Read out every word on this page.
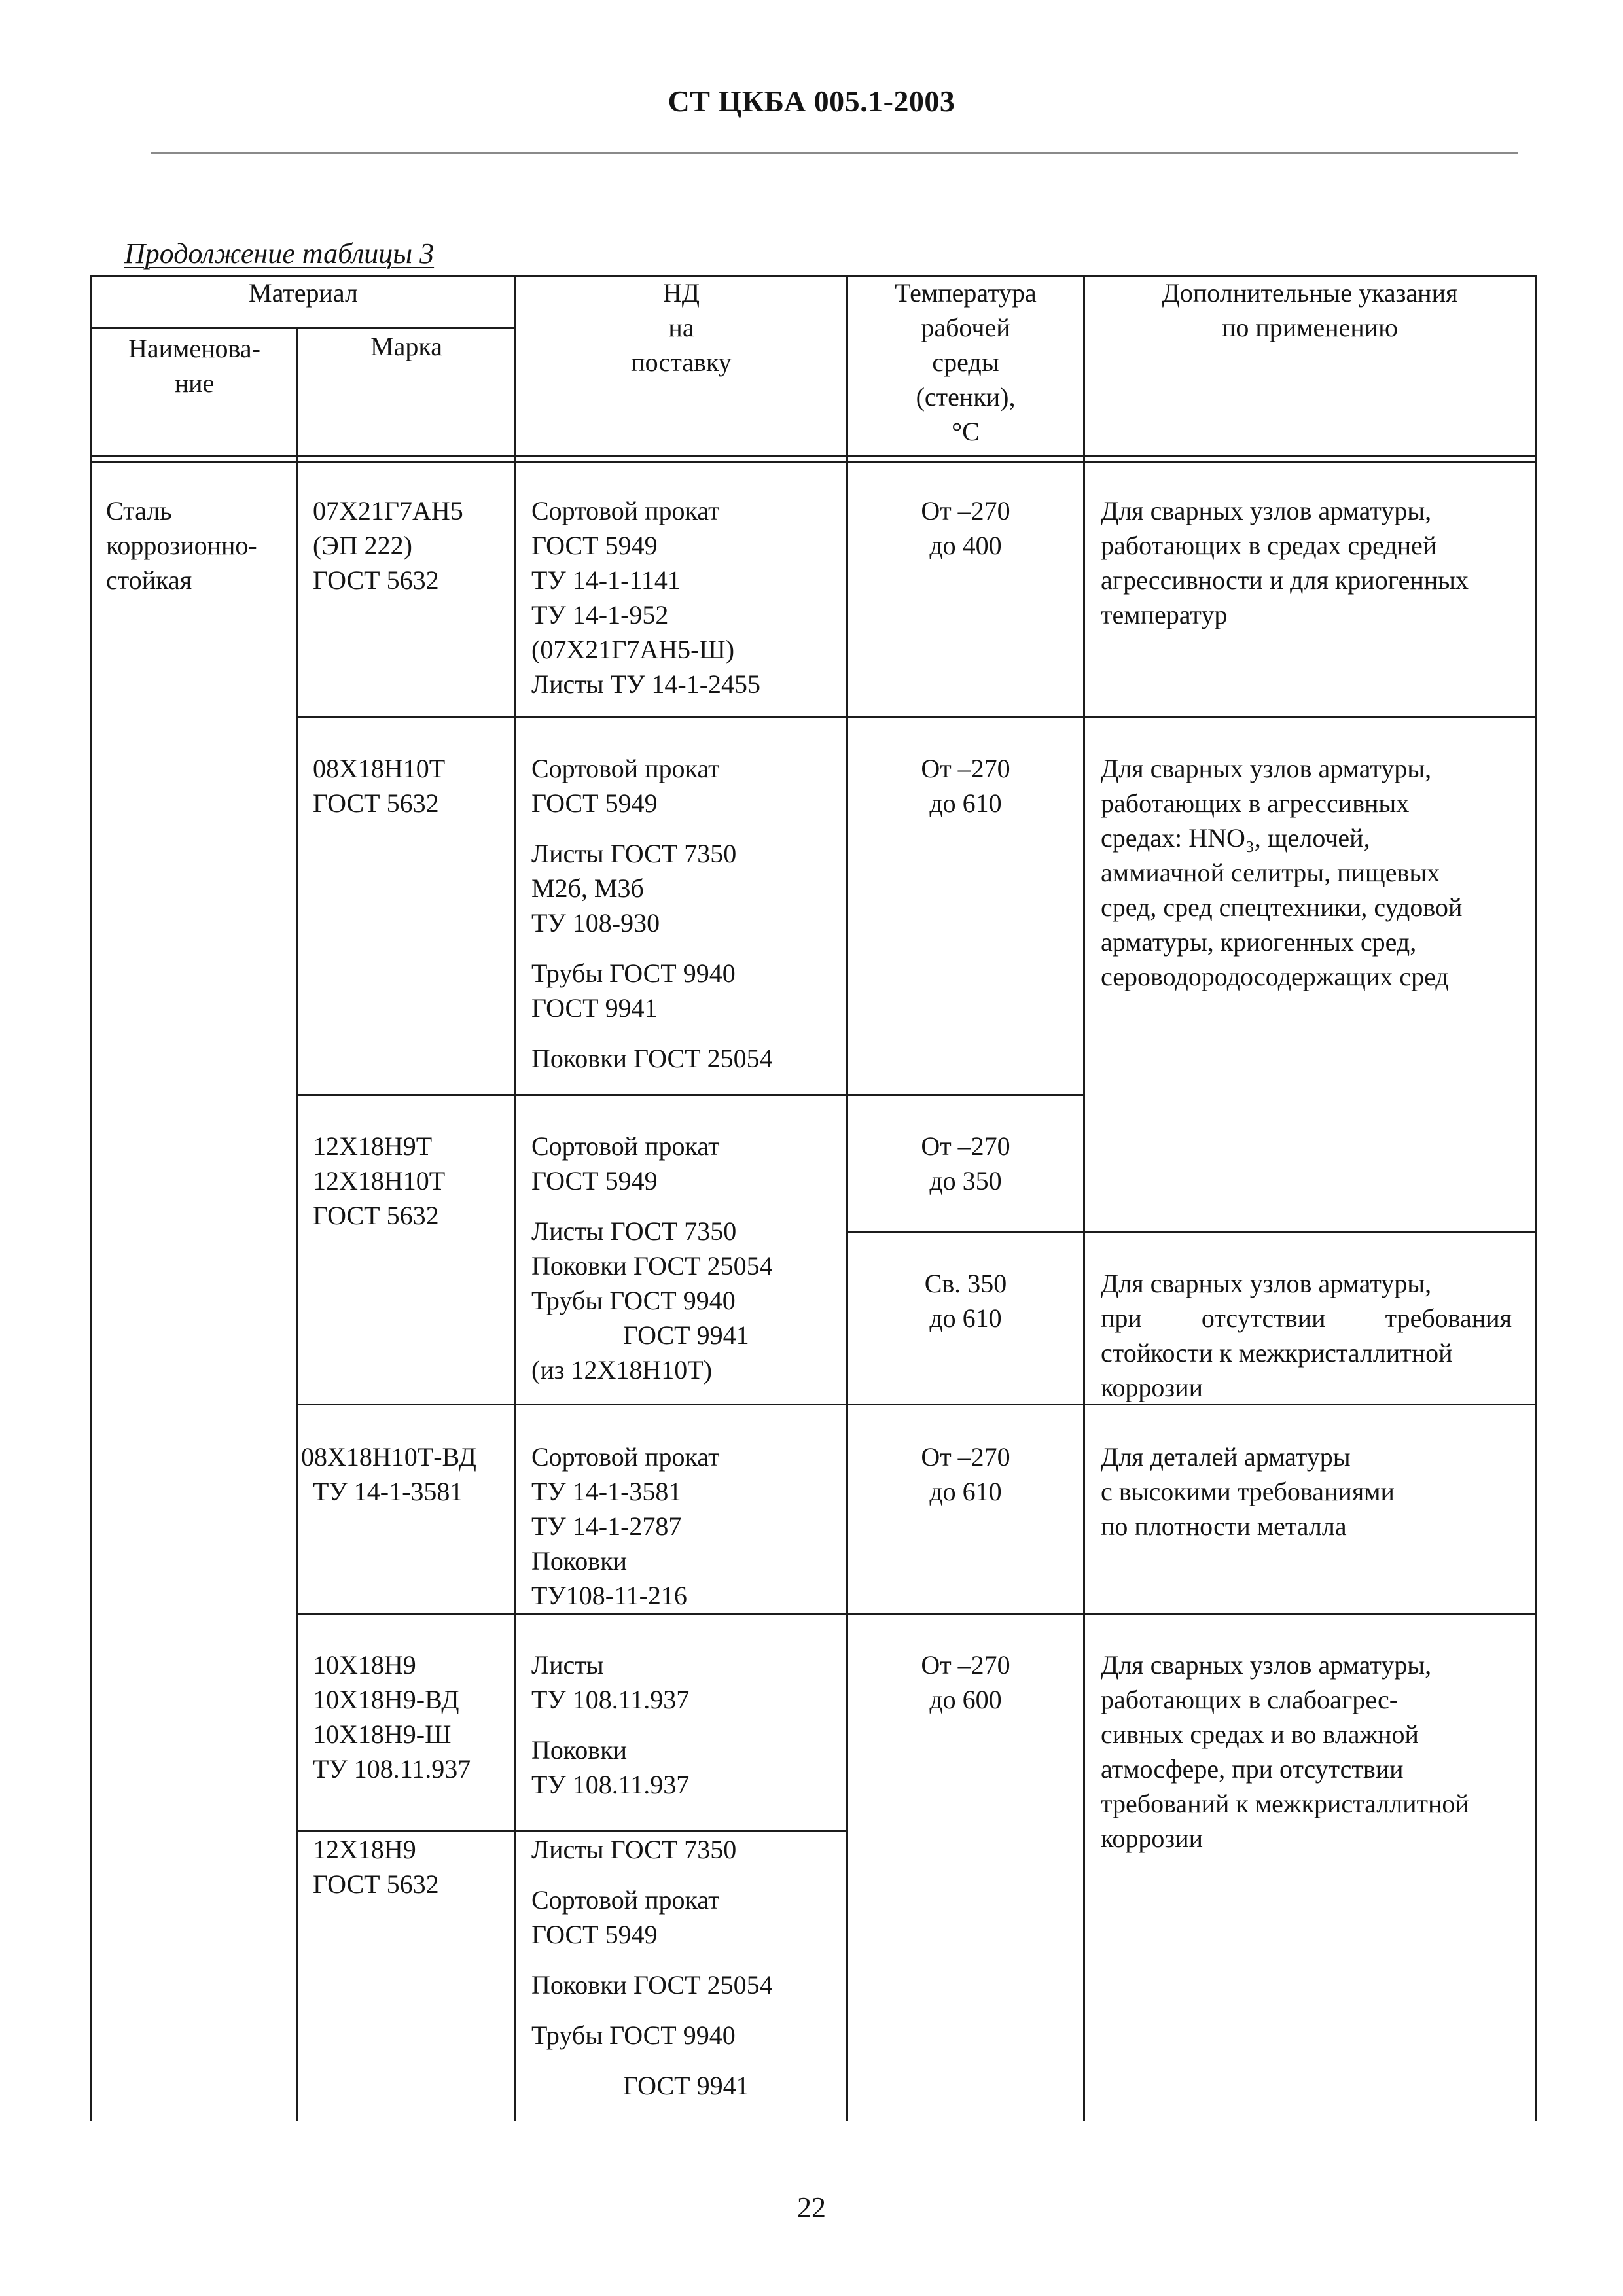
СТ ЦКБА 005.1-2003
Продолжение таблицы 3
Материал
Наименова-
ние
Марка
НД
на
поставку
Температура
рабочей
среды
(стенки),
°С
Дополнительные указания
по применению
Сталь
коррозионно-
стойкая
07Х21Г7АН5
(ЭП 222)
ГОСТ 5632
Сортовой прокат
ГОСТ 5949
ТУ 14-1-1141
ТУ 14-1-952
(07Х21Г7АН5-Ш)
Листы ТУ 14-1-2455
От –270
до 400
Для сварных узлов арматуры,
работающих в средах средней
агрессивности и для криогенных
температур
08Х18Н10Т
ГОСТ 5632
Сортовой прокат
ГОСТ 5949
Листы ГОСТ 7350
М2б, М3б
ТУ 108-930
Трубы ГОСТ 9940
ГОСТ 9941
Поковки ГОСТ 25054
От –270
до 610
Для сварных узлов арматуры,
работающих в агрессивных
средах: HNO₃, щелочей,
аммиачной селитры, пищевых
сред, сред спецтехники, судовой
арматуры, криогенных сред,
сероводородосодержащих сред
12Х18Н9Т
12Х18Н10Т
ГОСТ 5632
Сортовой прокат
ГОСТ 5949
Листы ГОСТ 7350
Поковки ГОСТ 25054
Трубы ГОСТ 9940
ГОСТ 9941
(из 12Х18Н10Т)
От –270
до 350
Св. 350
до 610
Для сварных узлов арматуры,
при отсутствии требования
стойкости к межкристаллитной
коррозии
08Х18Н10Т-ВД
ТУ 14-1-3581
Сортовой прокат
ТУ 14-1-3581
ТУ 14-1-2787
Поковки
ТУ108-11-216
От –270
до 610
Для деталей арматуры
с высокими требованиями
по плотности металла
10Х18Н9
10Х18Н9-ВД
10Х18Н9-Ш
ТУ 108.11.937
Листы
ТУ 108.11.937
Поковки
ТУ 108.11.937
От –270
до 600
Для сварных узлов арматуры,
работающих в слабоагрес-
сивных средах и во влажной
атмосфере, при отсутствии
требований к межкристаллитной
коррозии
12Х18Н9
ГОСТ 5632
Листы ГОСТ 7350
Сортовой прокат
ГОСТ 5949
Поковки ГОСТ 25054
Трубы ГОСТ 9940
ГОСТ 9941
22
